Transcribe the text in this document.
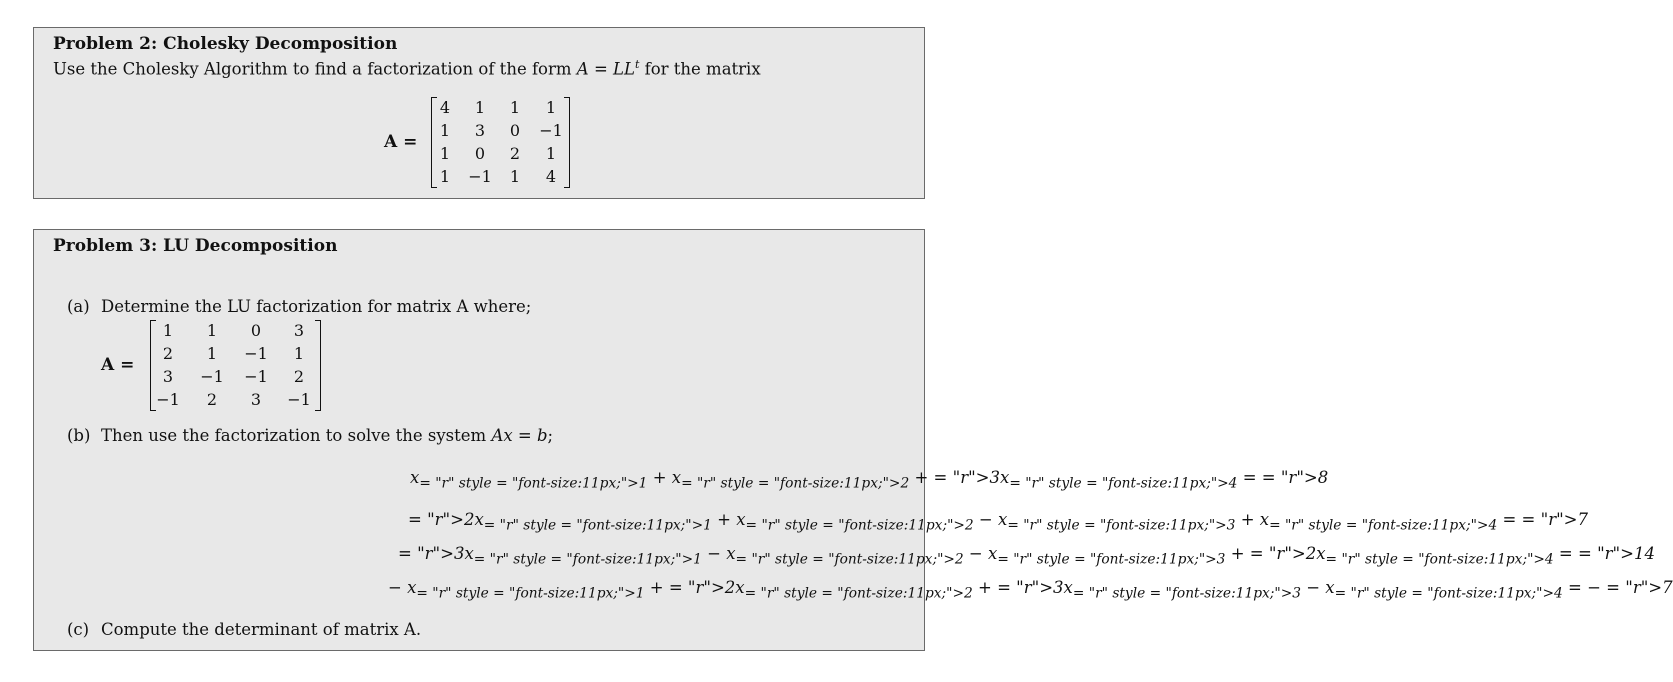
Problem 2: Cholesky Decomposition
Use the Cholesky Algorithm to find a factorization of the form $A = LL^t$ for the matrix
A =
4	1	1	1
1	3	0	−1
1	0	2	1
1	−1	1	4
Problem 3: LU Decomposition
(a) Determine the LU factorization for matrix A where;
A =
1	1	0	3
2	1	−1	1
3	−1	−1	2
−1	2	3	−1
(b) Then use the factorization to solve the system Ax = b;
$x_{= "r" style = "font-size:11px;">1} + x_{= "r" style = "font-size:11px;">2}$ + = "$r">3x_{= "r" style = "font-size:11px;">4}$ = = "r">8
= "$r">2x_{= "r" style = "font-size:11px;">1} + x_{= "r" style = "font-size:11px;">2} - x_{= "r" style = "font-size:11px;">3} + x_{= "r" style = "font-size:11px;">4}$ = = "r">7
= "$r">3x_{= "r" style = "font-size:11px;">1} - x_{= "r" style = "font-size:11px;">2} - x_{= "r" style = "font-size:11px;">3}$ + = "$r">2x_{= "r" style = "font-size:11px;">4}$ = = "r">14
− $x_{= "r" style = "font-size:11px;">1}$ + = "$r">2x_{= "r" style = "font-size:11px;">2}$ + = "$r">3x_{= "r" style = "font-size:11px;">3} - x_{= "r" style = "font-size:11px;">4}$ = − = "r">7
(c) Compute the determinant of matrix A.
